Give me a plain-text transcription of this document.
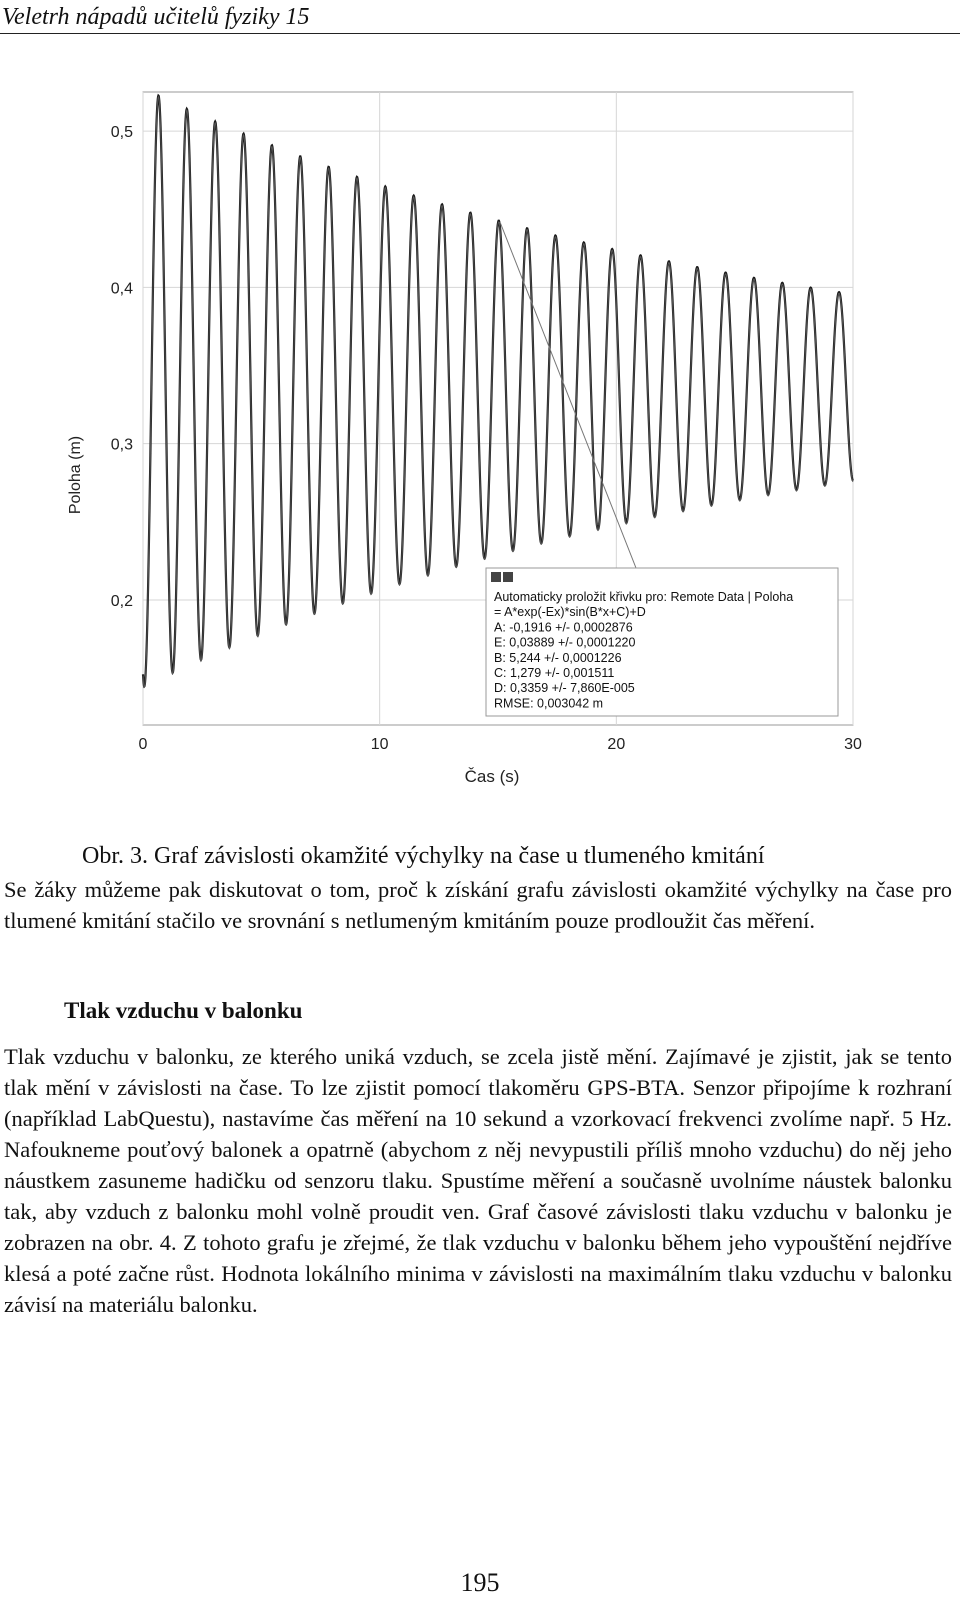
Veletrh nápadů učitelů fyziky 15
0	10	20	30
0,2
0,3
0,4
0,5
Automaticky proložit křivku pro: Remote Data | Poloha
= A*exp(-Ex)*sin(B*x+C)+D
A: -0,1916 +/- 0,0002876
E: 0,03889 +/- 0,0001220
B: 5,244 +/- 0,0001226
C: 1,279 +/- 0,001511
D: 0,3359 +/- 7,860E-005
RMSE: 0,003042 m
Čas (s)
Poloha (m)
Obr. 3. Graf závislosti okamžité výchylky na čase u tlumeného kmitání

Se žáky můžeme pak diskutovat o tom, proč k získání grafu závislosti okamžité výchylky na čase pro tlumené kmitání stačilo ve srovnání s netlumeným kmitáním pouze prodloužit čas měření.

Tlak vzduchu v balonku

Tlak vzduchu v balonku, ze kterého uniká vzduch, se zcela jistě mění. Zajímavé je zjistit, jak se tento tlak mění v závislosti na čase. To lze zjistit pomocí tlakoměru GPS-BTA. Senzor připojíme k rozhraní (například LabQuestu), nastavíme čas měření na 10 sekund a vzorkovací frekvenci zvolíme např. 5 Hz. Nafoukneme pouťový balonek a opatrně (abychom z něj nevypustili příliš mnoho vzduchu) do něj jeho náustkem zasuneme hadičku od senzoru tlaku. Spustíme měření a současně uvolníme náustek balonku tak, aby vzduch z balonku mohl volně proudit ven. Graf časové závislosti tlaku vzduchu v balonku je zobrazen na obr. 4. Z tohoto grafu je zřejmé, že tlak vzduchu v balonku během jeho vypouštění nejdříve klesá a poté začne růst. Hodnota lokálního minima v závislosti na maximálním tlaku vzduchu v balonku závisí na materiálu balonku.

195
